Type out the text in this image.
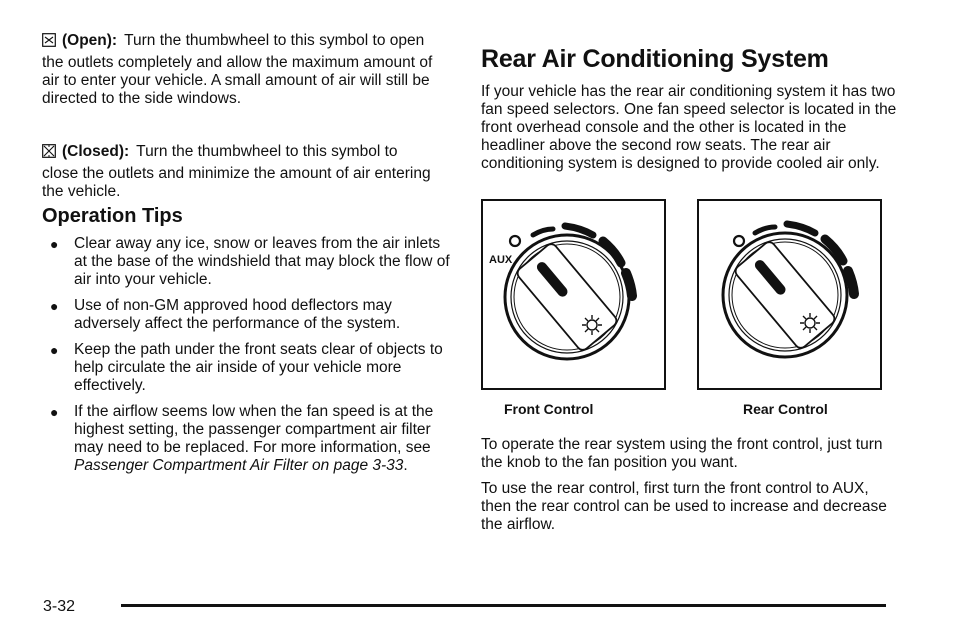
(Open): Turn the thumbwheel to this symbol to open

the outlets completely and allow the maximum amount of air to enter your vehicle. A small amount of air will still be directed to the side windows.

(Closed): Turn the thumbwheel to this symbol to

close the outlets and minimize the amount of air entering the vehicle.

Operation Tips
● Clear away any ice, snow or leaves from the air inlets at the base of the windshield that may block the flow of air into your vehicle.

● Use of non-GM approved hood deflectors may adversely affect the performance of the system.

● Keep the path under the front seats clear of objects to help circulate the air inside of your vehicle more effectively.

● If the airflow seems low when the fan speed is at the highest setting, the passenger compartment air filter may need to be replaced. For more information, see Passenger Compartment Air Filter on page 3-33.

Rear Air Conditioning System

If your vehicle has the rear air conditioning system it has two fan speed selectors. One fan speed selector is located in the front overhead console and the other is located in the headliner above the second row seats. The rear air conditioning system is designed to provide cooled air only.

AUX
Front Control	Rear Control

To operate the rear system using the front control, just turn the knob to the fan position you want.

To use the rear control, first turn the front control to AUX, then the rear control can be used to increase and decrease the airflow.

3-32
